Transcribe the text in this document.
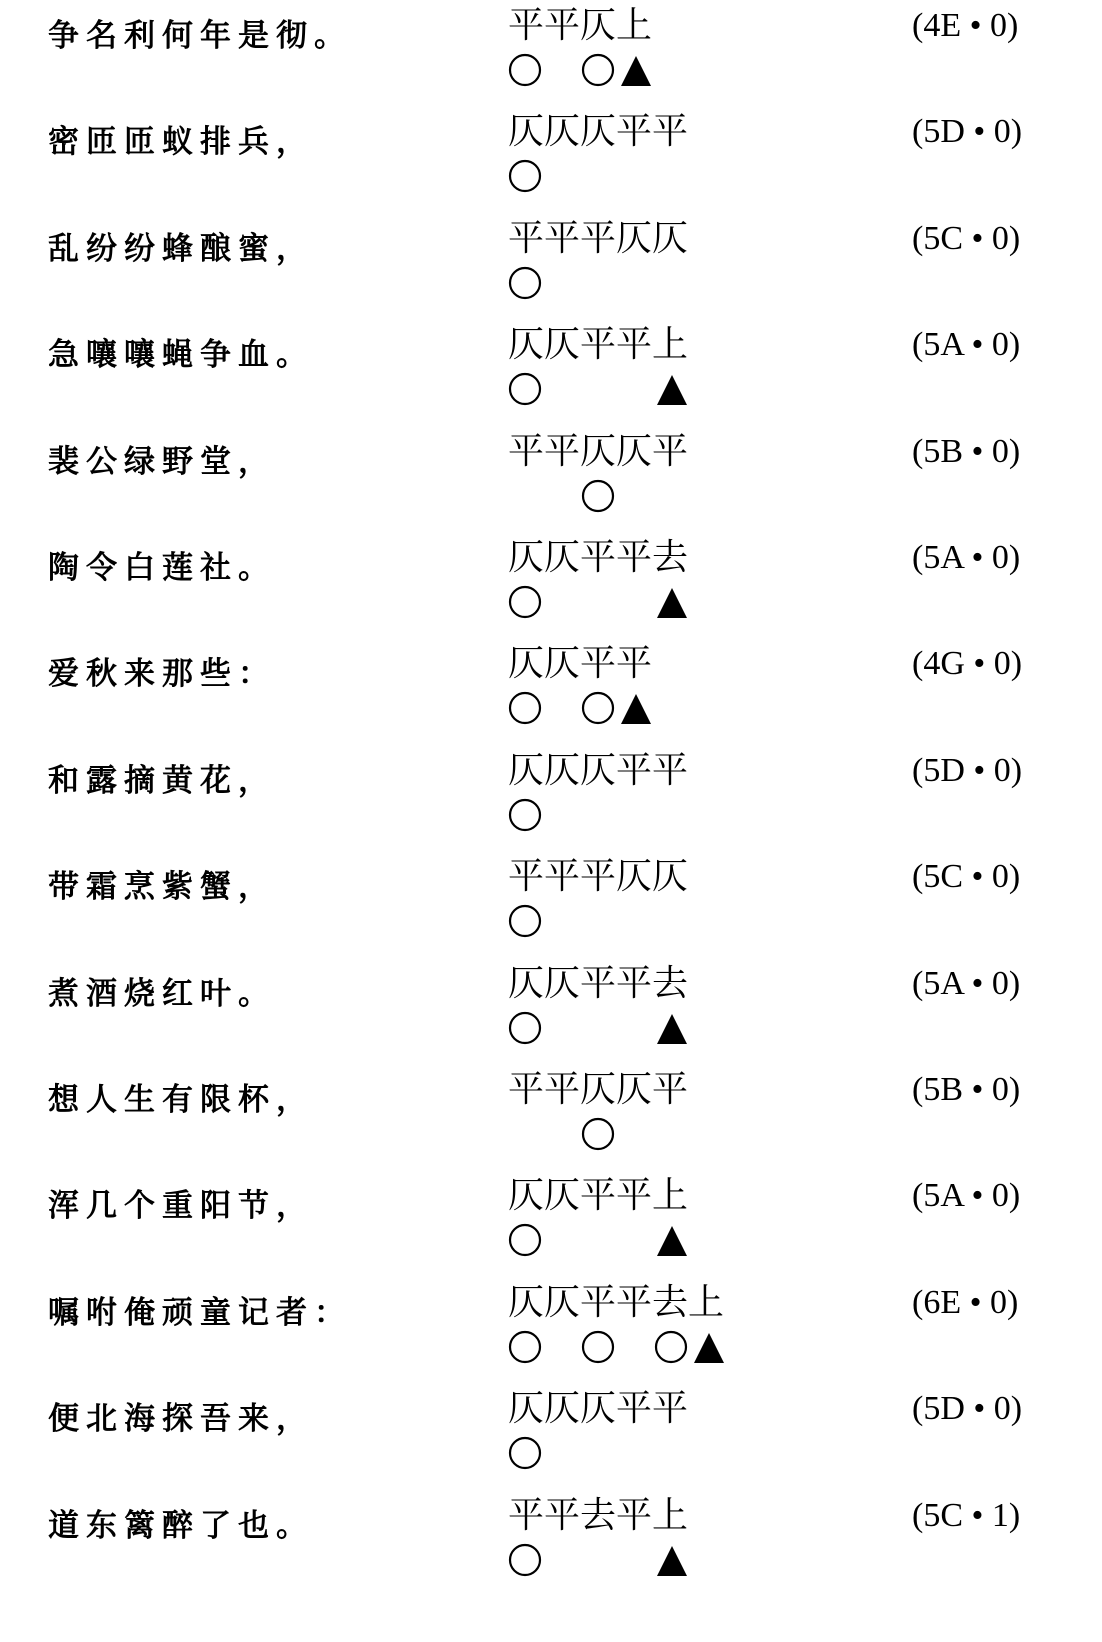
争名利何年是彻。	平平仄上	(4E • 0)
密匝匝蚁排兵，	仄仄仄平平	(5D • 0)
乱纷纷蜂酿蜜，	平平平仄仄	(5C • 0)
急嚷嚷蝇争血。	仄仄平平上	(5A • 0)
裴公绿野堂，	平平仄仄平	(5B • 0)
陶令白莲社。	仄仄平平去	(5A • 0)
爱秋来那些：	仄仄平平	(4G • 0)
和露摘黄花，	仄仄仄平平	(5D • 0)
带霜烹紫蟹，	平平平仄仄	(5C • 0)
煮酒烧红叶。	仄仄平平去	(5A • 0)
想人生有限杯，	平平仄仄平	(5B • 0)
浑几个重阳节，	仄仄平平上	(5A • 0)
嘱咐俺顽童记者：	仄仄平平去上	(6E • 0)
便北海探吾来，	仄仄仄平平	(5D • 0)
道东篱醉了也。	平平去平上	(5C • 1)
